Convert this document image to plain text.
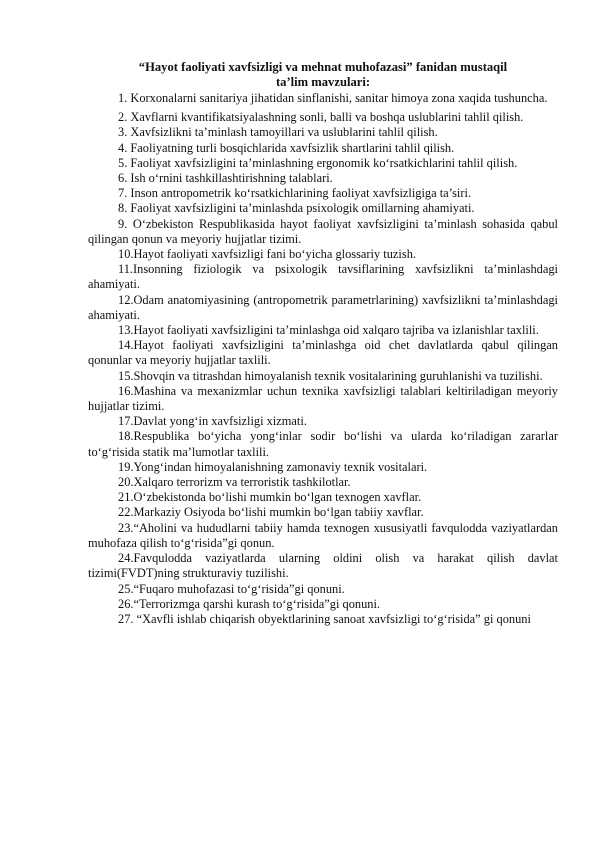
“Hayot faoliyati xavfsizligi va mehnat muhofazasi” fanidan mustaqil
ta’lim mavzulari:

1. Korxonalarni sanitariya jihatidan sinflanishi, sanitar himoya zona xaqida tushuncha.

2. Xavflarni kvantifikatsiyalashning sonli, balli va boshqa uslublarini tahlil qilish.

3. Xavfsizlikni ta’minlash tamoyillari va uslublarini tahlil qilish.

4. Faoliyatning turli bosqichlarida xavfsizlik shartlarini tahlil qilish.

5. Faoliyat xavfsizligini ta’minlashning ergonomik ko‘rsatkichlarini tahlil qilish.

6. Ish o‘rnini tashkillashtirishning talablari.

7. Inson antropometrik ko‘rsatkichlarining faoliyat xavfsizligiga ta’siri.

8. Faoliyat xavfsizligini ta’minlashda psixologik omillarning ahamiyati.

9. O‘zbekiston Respublikasida hayot faoliyat xavfsizligini ta’minlash sohasida qabul qilingan qonun va meyoriy hujjatlar tizimi.

10.Hayot faoliyati xavfsizligi fani bo‘yicha glossariy tuzish.

11.Insonning fiziologik va psixologik tavsiflarining xavfsizlikni ta’minlashdagi ahamiyati.

12.Odam anatomiyasining (antropometrik parametrlarining) xavfsizlikni ta’minlashdagi ahamiyati.

13.Hayot faoliyati xavfsizligini ta’minlashga oid xalqaro tajriba va izlanishlar taxlili.

14.Hayot faoliyati xavfsizligini ta’minlashga oid chet davlatlarda qabul qilingan qonunlar va meyoriy hujjatlar taxlili.

15.Shovqin va titrashdan himoyalanish texnik vositalarining guruhlanishi va tuzilishi.

16.Mashina va mexanizmlar uchun texnika xavfsizligi talablari keltiriladigan meyoriy hujjatlar tizimi.

17.Davlat yong‘in xavfsizligi xizmati.

18.Respublika bo‘yicha yong‘inlar sodir bo‘lishi va ularda ko‘riladigan zararlar to‘g‘risida statik ma’lumotlar taxlili.

19.Yong‘indan himoyalanishning zamonaviy texnik vositalari.

20.Xalqaro terrorizm va terroristik tashkilotlar.

21.O‘zbekistonda bo‘lishi mumkin bo‘lgan texnogen xavflar.

22.Markaziy Osiyoda bo‘lishi mumkin bo‘lgan tabiiy xavflar.

23.“Aholini va hududlarni tabiiy hamda texnogen xususiyatli favqulodda vaziyatlardan muhofaza qilish to‘g‘risida”gi qonun.

24.Favqulodda vaziyatlarda ularning oldini olish va harakat qilish davlat tizimi(FVDT)ning strukturaviy tuzilishi.

25.“Fuqaro muhofazasi to‘g‘risida”gi qonuni.

26.“Terrorizmga qarshi kurash to‘g‘risida”gi qonuni.

27. “Xavfli ishlab chiqarish obyektlarining sanoat xavfsizligi to‘g‘risida” gi qonuni
